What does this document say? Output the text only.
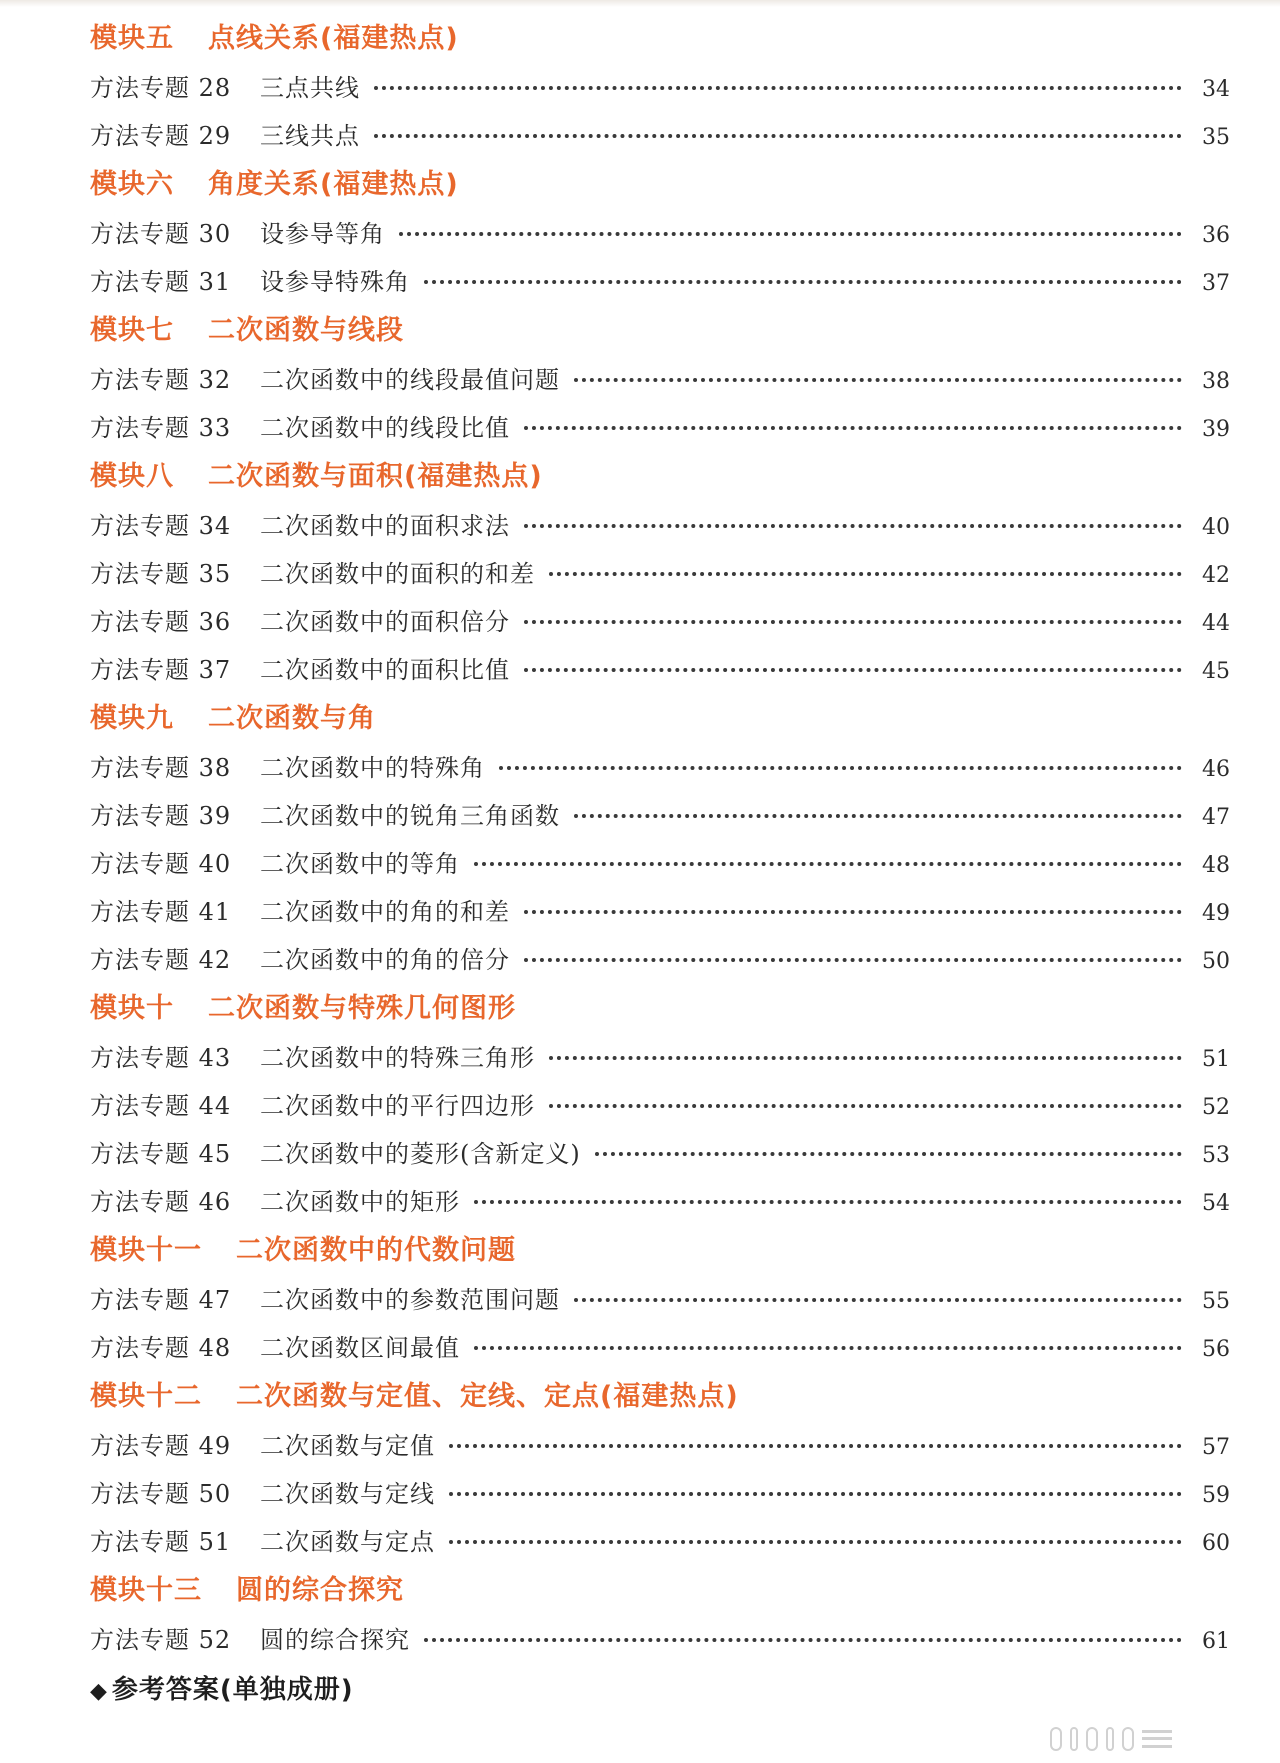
模块五 点线关系(福建热点)
方法专题 28	三点共线	34
方法专题 29	三线共点	35
模块六 角度关系(福建热点)
方法专题 30	设参导等角	36
方法专题 31	设参导特殊角	37
模块七 二次函数与线段
方法专题 32	二次函数中的线段最值问题	38
方法专题 33	二次函数中的线段比值	39
模块八 二次函数与面积(福建热点)
方法专题 34	二次函数中的面积求法	40
方法专题 35	二次函数中的面积的和差	42
方法专题 36	二次函数中的面积倍分	44
方法专题 37	二次函数中的面积比值	45
模块九 二次函数与角
方法专题 38	二次函数中的特殊角	46
方法专题 39	二次函数中的锐角三角函数	47
方法专题 40	二次函数中的等角	48
方法专题 41	二次函数中的角的和差	49
方法专题 42	二次函数中的角的倍分	50
模块十 二次函数与特殊几何图形
方法专题 43	二次函数中的特殊三角形	51
方法专题 44	二次函数中的平行四边形	52
方法专题 45	二次函数中的菱形(含新定义)	53
方法专题 46	二次函数中的矩形	54
模块十一 二次函数中的代数问题
方法专题 47	二次函数中的参数范围问题	55
方法专题 48	二次函数区间最值	56
模块十二 二次函数与定值、定线、定点(福建热点)
方法专题 49	二次函数与定值	57
方法专题 50	二次函数与定线	59
方法专题 51	二次函数与定点	60
模块十三 圆的综合探究
方法专题 52	圆的综合探究	61
◆ 参考答案(单独成册)
